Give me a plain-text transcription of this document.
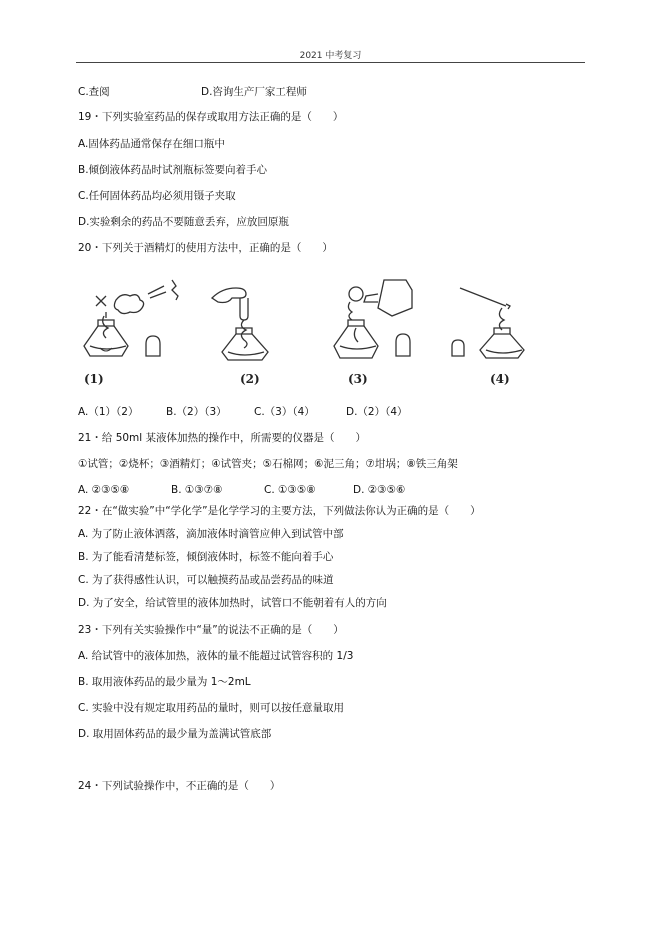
2021 中考复习
C.查阅	D.咨询生产厂家工程师
19・下列实验室药品的保存或取用方法正确的是（　　）
A.固体药品通常保存在细口瓶中
B.倾倒液体药品时试剂瓶标签要向着手心
C.任何固体药品均必须用镊子夹取
D.实验剩余的药品不要随意丢弃，应放回原瓶
20・下列关于酒精灯的使用方法中，正确的是（　　）
(1)	(2)	(3)	(4)
A.（1）（2）	B.（2）（3）	C.（3）（4）	D.（2）（4）
21・给 50ml 某液体加热的操作中，所需要的仪器是（　　）
①试管；②烧杯；③酒精灯；④试管夹；⑤石棉网；⑥泥三角；⑦坩埚；⑧铁三角架
A. ②③⑤⑧	B. ①③⑦⑧	C. ①③⑤⑧	D. ②③⑤⑥
22・在“做实验”中“学化学”是化学学习的主要方法，下列做法你认为正确的是（　　）
A. 为了防止液体洒落，滴加液体时滴管应伸入到试管中部
B. 为了能看清楚标签，倾倒液体时，标签不能向着手心
C. 为了获得感性认识，可以触摸药品或品尝药品的味道
D. 为了安全，给试管里的液体加热时，试管口不能朝着有人的方向
23・下列有关实验操作中“量”的说法不正确的是（　　）
A. 给试管中的液体加热，液体的量不能超过试管容积的 1/3
B. 取用液体药品的最少量为 1～2mL
C. 实验中没有规定取用药品的量时，则可以按任意量取用
D. 取用固体药品的最少量为盖满试管底部
24・下列试验操作中，不正确的是（　　）
